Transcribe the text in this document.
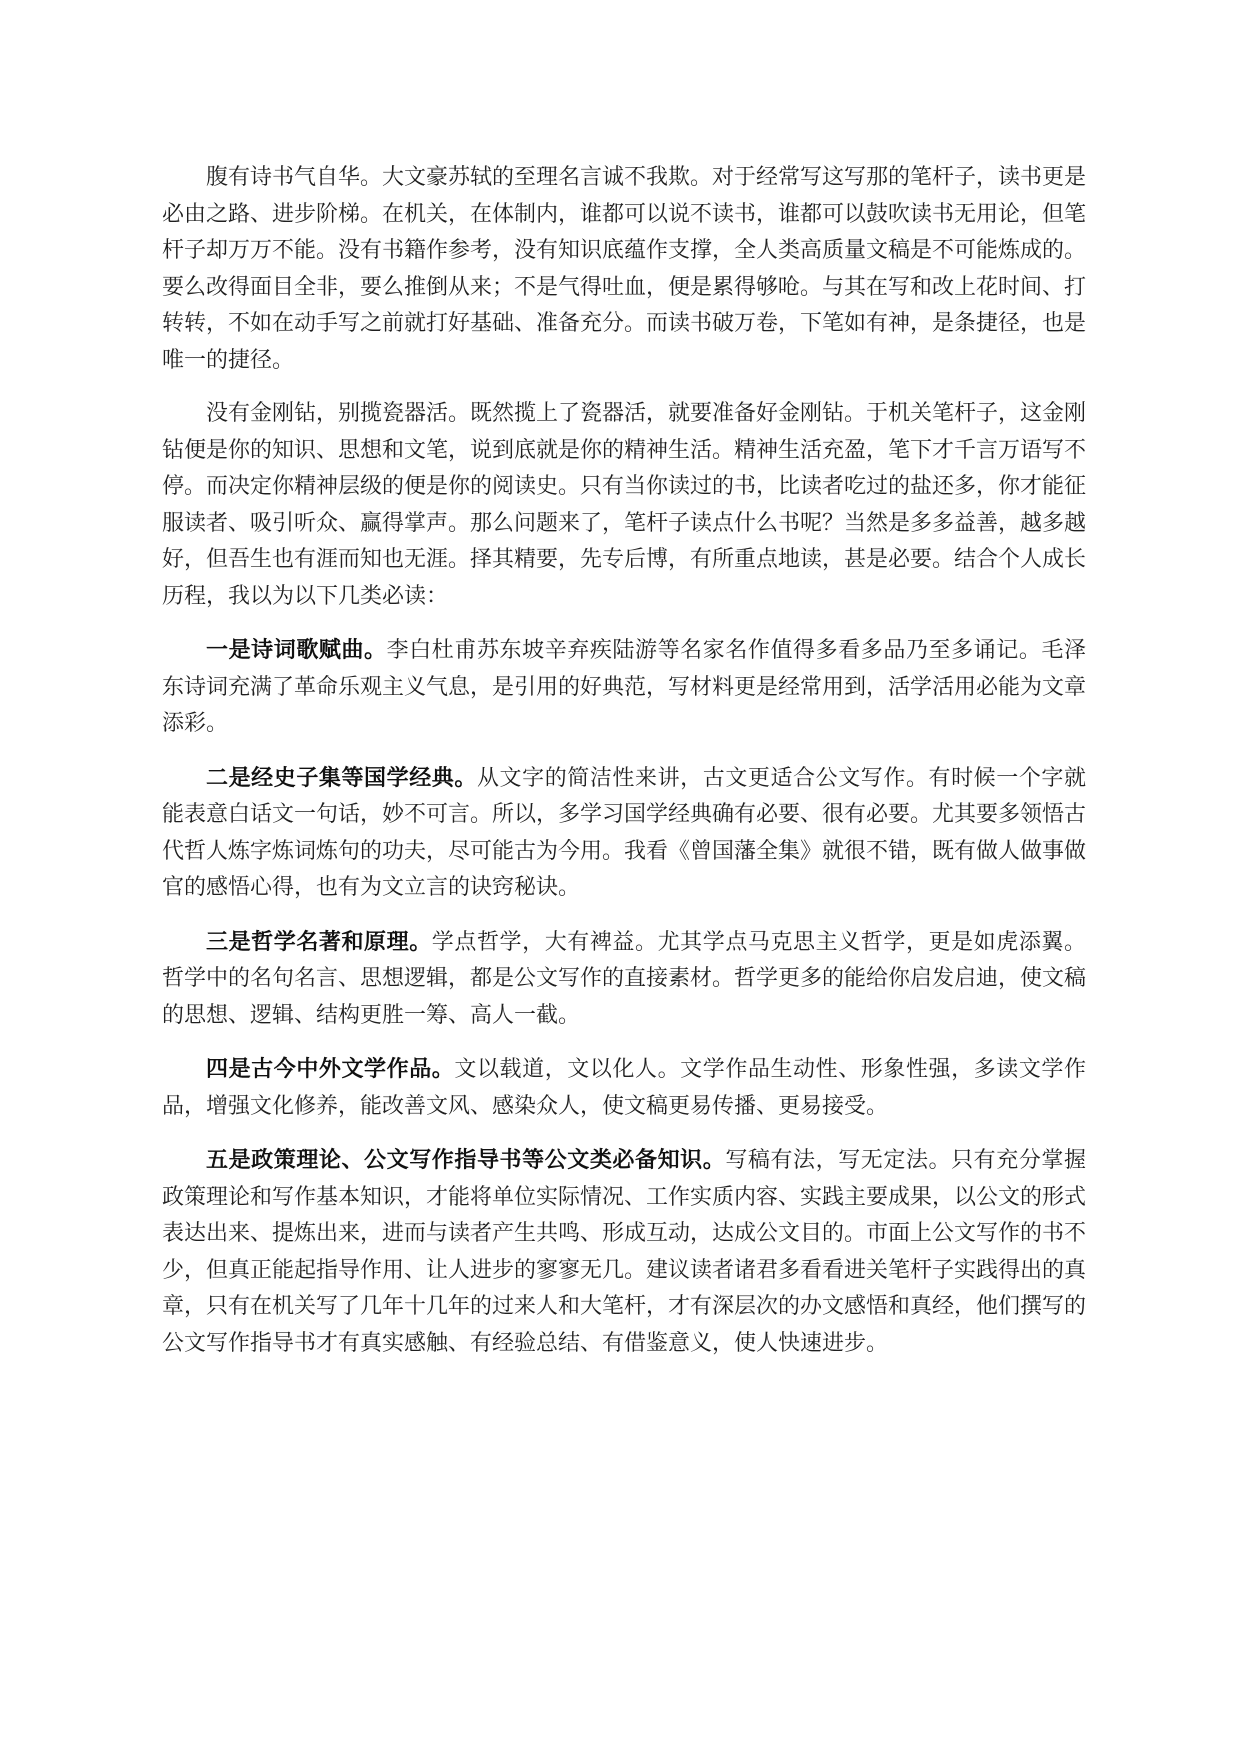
腹有诗书气自华。大文豪苏轼的至理名言诚不我欺。对于经常写这写那的笔杆子，读书更是必由之路、进步阶梯。在机关，在体制内，谁都可以说不读书，谁都可以鼓吹读书无用论，但笔杆子却万万不能。没有书籍作参考，没有知识底蕴作支撑，全人类高质量文稿是不可能炼成的。要么改得面目全非，要么推倒从来；不是气得吐血，便是累得够呛。与其在写和改上花时间、打转转，不如在动手写之前就打好基础、准备充分。而读书破万卷，下笔如有神，是条捷径，也是唯一的捷径。

没有金刚钻，别揽瓷器活。既然揽上了瓷器活，就要准备好金刚钻。于机关笔杆子，这金刚钻便是你的知识、思想和文笔，说到底就是你的精神生活。精神生活充盈，笔下才千言万语写不停。而决定你精神层级的便是你的阅读史。只有当你读过的书，比读者吃过的盐还多，你才能征服读者、吸引听众、赢得掌声。那么问题来了，笔杆子读点什么书呢？当然是多多益善，越多越好，但吾生也有涯而知也无涯。择其精要，先专后博，有所重点地读，甚是必要。结合个人成长历程，我以为以下几类必读：

一是诗词歌赋曲。李白杜甫苏东坡辛弃疾陆游等名家名作值得多看多品乃至多诵记。毛泽东诗词充满了革命乐观主义气息，是引用的好典范，写材料更是经常用到，活学活用必能为文章添彩。

二是经史子集等国学经典。从文字的简洁性来讲，古文更适合公文写作。有时候一个字就能表意白话文一句话，妙不可言。所以，多学习国学经典确有必要、很有必要。尤其要多领悟古代哲人炼字炼词炼句的功夫，尽可能古为今用。我看《曾国藩全集》就很不错，既有做人做事做官的感悟心得，也有为文立言的诀窍秘诀。

三是哲学名著和原理。学点哲学，大有裨益。尤其学点马克思主义哲学，更是如虎添翼。哲学中的名句名言、思想逻辑，都是公文写作的直接素材。哲学更多的能给你启发启迪，使文稿的思想、逻辑、结构更胜一筹、高人一截。

四是古今中外文学作品。文以载道，文以化人。文学作品生动性、形象性强，多读文学作品，增强文化修养，能改善文风、感染众人，使文稿更易传播、更易接受。

五是政策理论、公文写作指导书等公文类必备知识。写稿有法，写无定法。只有充分掌握政策理论和写作基本知识，才能将单位实际情况、工作实质内容、实践主要成果，以公文的形式表达出来、提炼出来，进而与读者产生共鸣、形成互动，达成公文目的。市面上公文写作的书不少，但真正能起指导作用、让人进步的寥寥无几。建议读者诸君多看看进关笔杆子实践得出的真章，只有在机关写了几年十几年的过来人和大笔杆，才有深层次的办文感悟和真经，他们撰写的公文写作指导书才有真实感触、有经验总结、有借鉴意义，使人快速进步。
